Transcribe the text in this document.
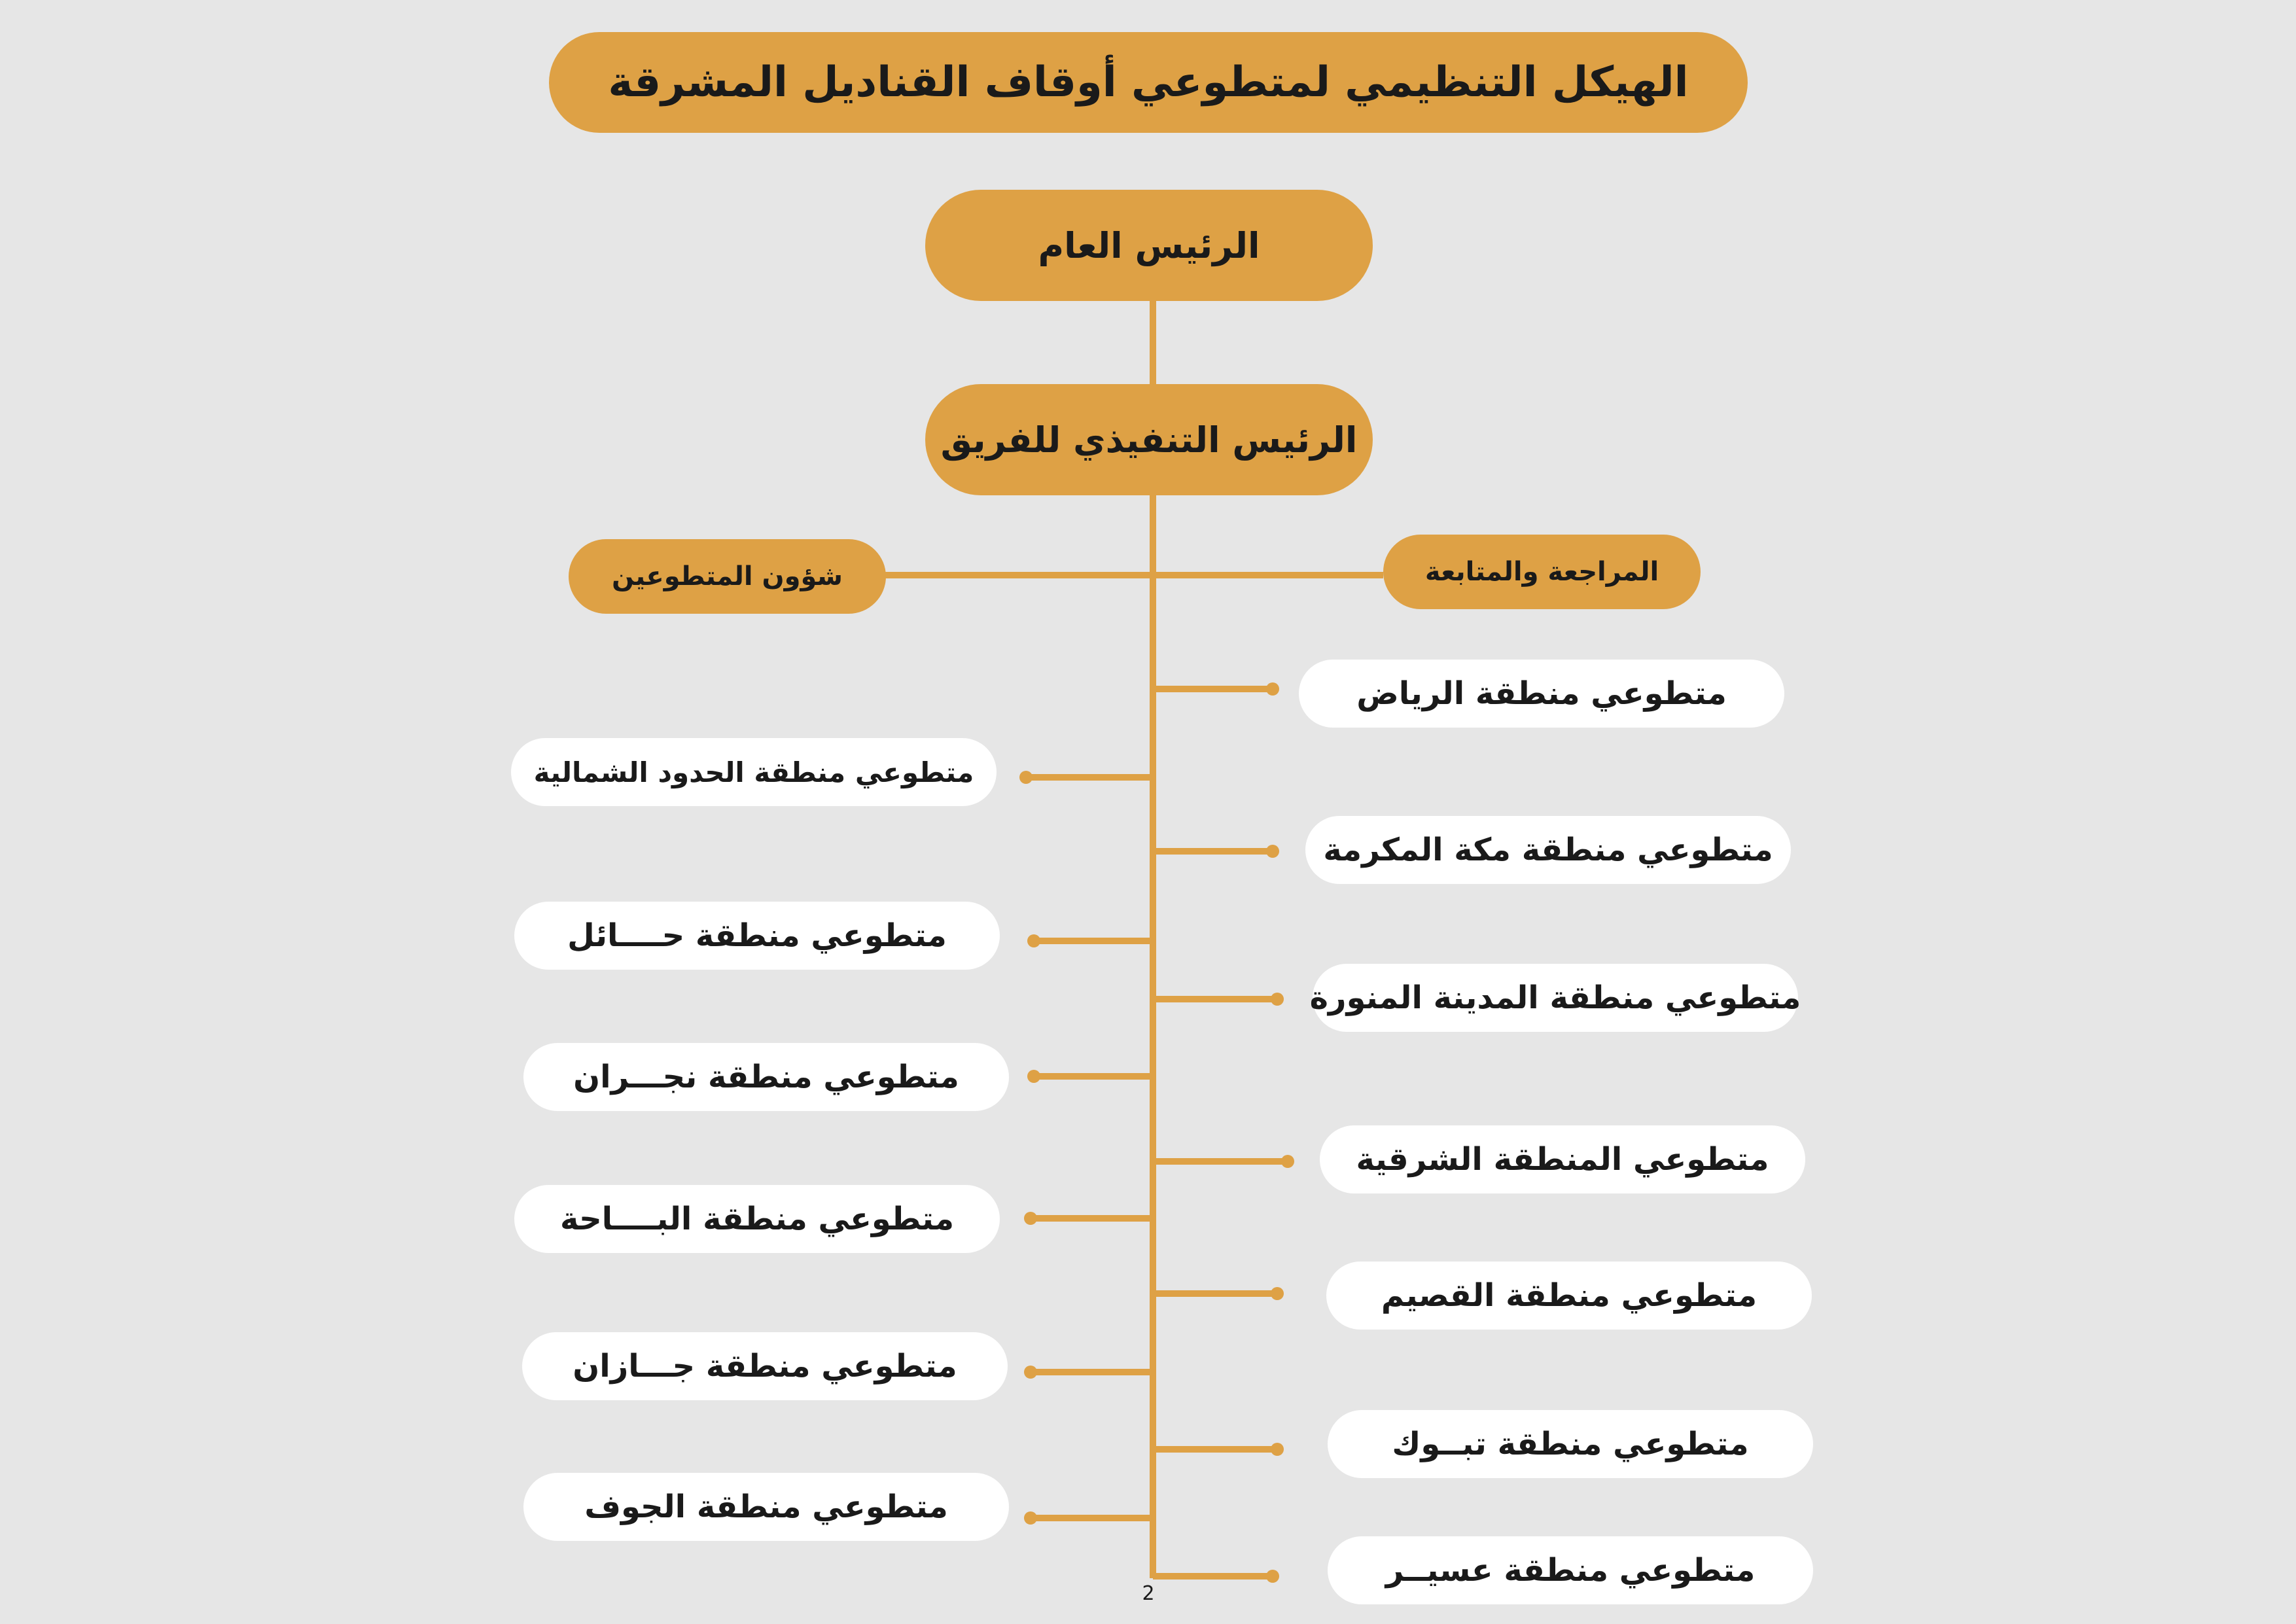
الهيكل التنظيمي لمتطوعي أوقاف القناديل المشرقة
الرئيس العام
الرئيس التنفيذي للفريق
المراجعة والمتابعة
شؤون المتطوعين
متطوعي منطقة الرياض
متطوعي منطقة مكة المكرمة
متطوعي منطقة المدينة المنورة
متطوعي المنطقة الشرقية
متطوعي منطقة القصيم
متطوعي منطقة تبــوك
متطوعي منطقة عسيــر
متطوعي منطقة الحدود الشمالية
متطوعي منطقة حــــائل
متطوعي منطقة نجـــران
متطوعي منطقة البــــاحة
متطوعي منطقة جـــازان
متطوعي منطقة الجوف
2
